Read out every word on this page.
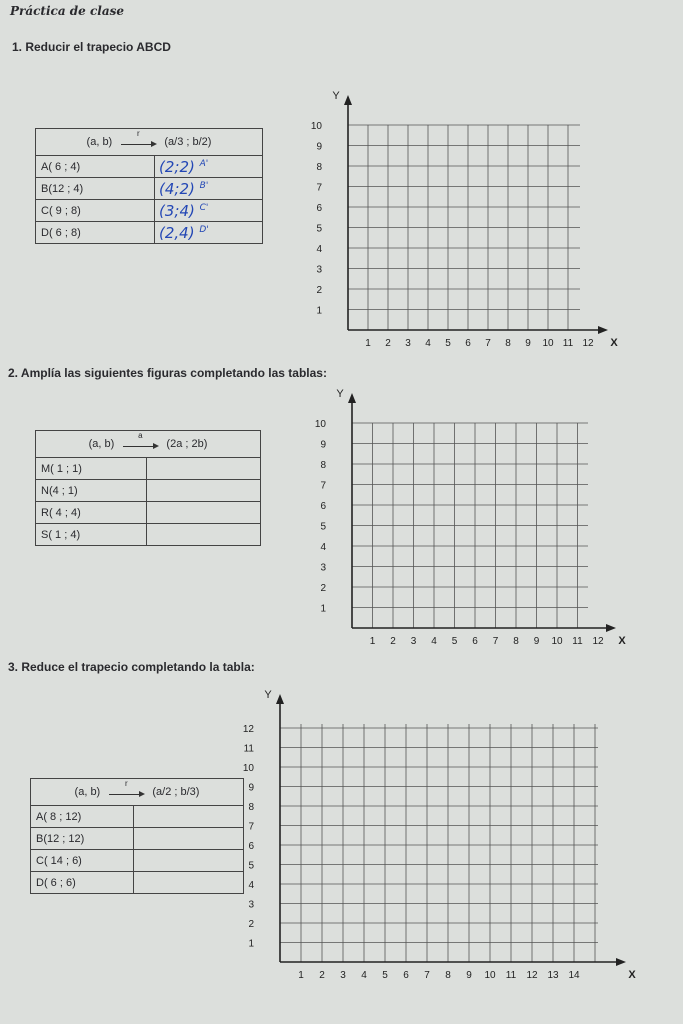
Práctica de clase
1. Reducir el trapecio ABCD
(a, b)
r
(a/3 ; b/2)	
A( 6 ; 4)	(2;2) $^{A'}$
B(12 ; 4)	(4;2) $^{B'}$
C( 9 ; 8)	(3;4) $^{C'}$
D( 6 ; 8)	(2,4) $^{D'}$
1 2 3 4 5 6 7 8 9 10 11 12
1
2
3
4
5
6
7
8
9
10
X
Y
2. Amplía las siguientes figuras completando las tablas:
(a, b)
a
(2a ; 2b)	
M( 1 ; 1)	
N(4 ; 1)	
R( 4 ; 4)	
S( 1 ; 4)	
1 2 3 4 5 6 7 8 9 10 11 12
1
2
3
4
5
6
7
8
9
10
X
Y
3. Reduce el trapecio completando la tabla:
(a, b)
r
(a/2 ; b/3)	
A( 8 ; 12)	
B(12 ; 12)	
C( 14 ; 6)	
D( 6 ; 6)	
1 2 3 4 5 6 7 8 9 10 11 12 13 14
1
2
3
4
5
6
7
8
9
10
11
12
X
Y
